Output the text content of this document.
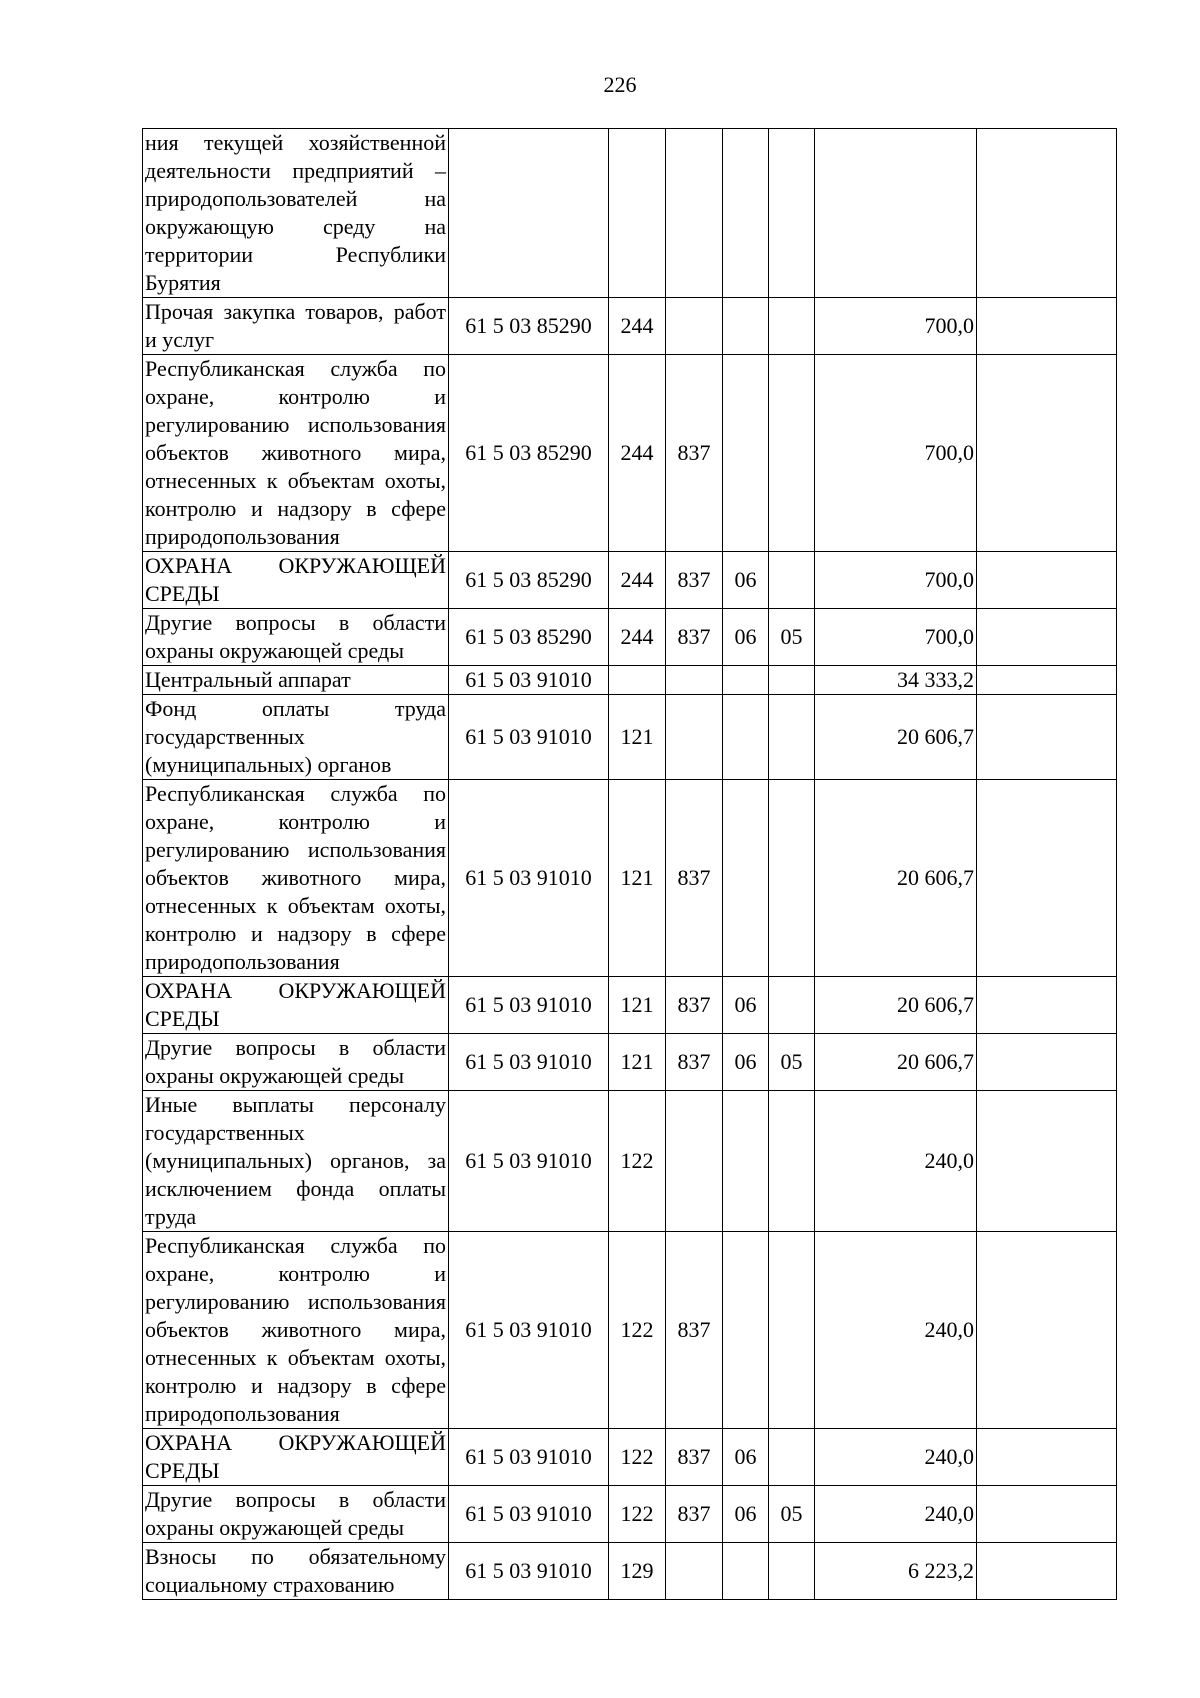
226
ния текущей хозяйственной деятельности предприятий – природопользователей на окружающую среду на территории Республики Бурятия							
Прочая закупка товаров, работ и услуг	61 5 03 85290	244				700,0	
Республиканская служба по охране, контролю и регулированию использования объектов животного мира, отнесенных к объектам охоты, контролю и надзору в сфере природопользования	61 5 03 85290	244	837			700,0	
ОХРАНА ОКРУЖАЮЩЕЙ СРЕДЫ	61 5 03 85290	244	837	06		700,0	
Другие вопросы в области охраны окружающей среды	61 5 03 85290	244	837	06	05	700,0	
Центральный аппарат	61 5 03 91010					34 333,2	
Фонд оплаты труда государственных (муниципальных) органов	61 5 03 91010	121				20 606,7	
Республиканская служба по охране, контролю и регулированию использования объектов животного мира, отнесенных к объектам охоты, контролю и надзору в сфере природопользования	61 5 03 91010	121	837			20 606,7	
ОХРАНА ОКРУЖАЮЩЕЙ СРЕДЫ	61 5 03 91010	121	837	06		20 606,7	
Другие вопросы в области охраны окружающей среды	61 5 03 91010	121	837	06	05	20 606,7	
Иные выплаты персоналу государственных (муниципальных) органов, за исключением фонда оплаты труда	61 5 03 91010	122				240,0	
Республиканская служба по охране, контролю и регулированию использования объектов животного мира, отнесенных к объектам охоты, контролю и надзору в сфере природопользования	61 5 03 91010	122	837			240,0	
ОХРАНА ОКРУЖАЮЩЕЙ СРЕДЫ	61 5 03 91010	122	837	06		240,0	
Другие вопросы в области охраны окружающей среды	61 5 03 91010	122	837	06	05	240,0	
Взносы по обязательному социальному страхованию	61 5 03 91010	129				6 223,2	
